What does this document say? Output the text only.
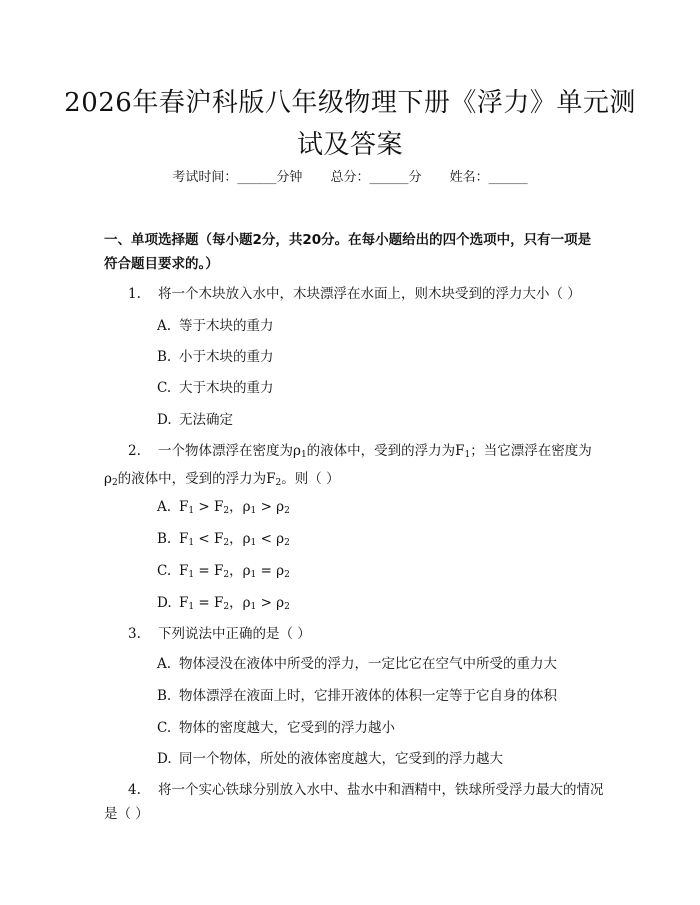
2026年春沪科版八年级物理下册《浮力》单元测试及答案
考试时间：______分钟 总分：______分 姓名：______
一、单项选择题（每小题2分，共20分。在每小题给出的四个选项中，只有一项是符合题目要求的。）
1. 将一个木块放入水中，木块漂浮在水面上，则木块受到的浮力大小（ ）
A. 等于木块的重力
B. 小于木块的重力
C. 大于木块的重力
D. 无法确定
2. 一个物体漂浮在密度为$\rho_1$的液体中，受到的浮力为$F_1$；当它漂浮在密度为$\rho_2$的液体中，受到的浮力为$F_2$。则（ ）
A. $F_1 > F_2$，$\rho_1 > \rho_2$
B. $F_1 < F_2$，$\rho_1 < \rho_2$
C. $F_1 = F_2$，$\rho_1 = \rho_2$
D. $F_1 = F_2$，$\rho_1 > \rho_2$
3. 下列说法中正确的是（ ）
A. 物体浸没在液体中所受的浮力，一定比它在空气中所受的重力大
B. 物体漂浮在液面上时，它排开液体的体积一定等于它自身的体积
C. 物体的密度越大，它受到的浮力越小
D. 同一个物体，所处的液体密度越大，它受到的浮力越大
4. 将一个实心铁球分别放入水中、盐水中和酒精中，铁球所受浮力最大的情况是（ ）
